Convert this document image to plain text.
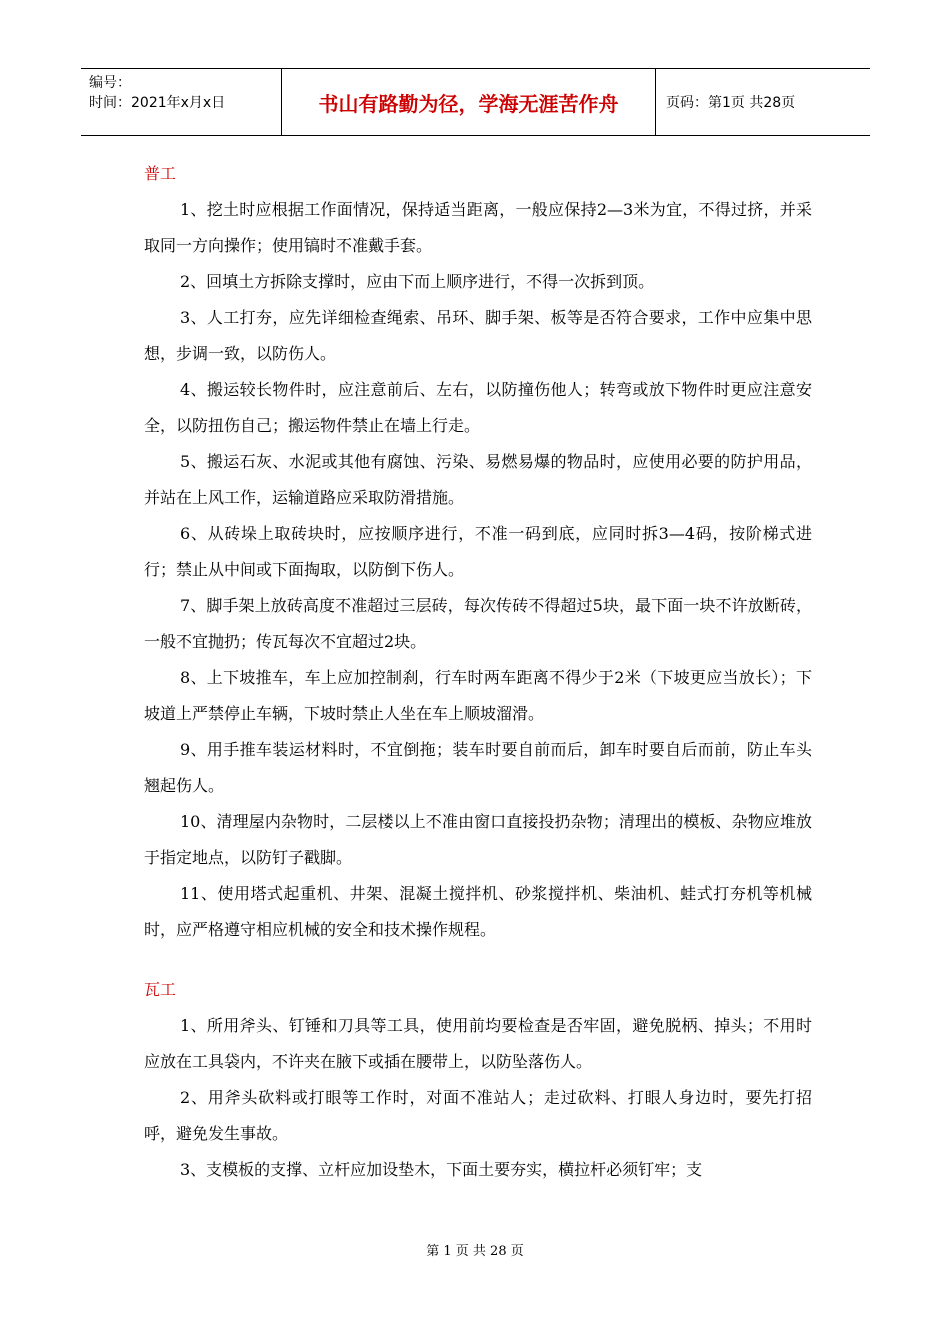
编号：
时间：2021年x月x日	书山有路勤为径，学海无涯苦作舟	页码：第1页 共28页
普工

1、挖土时应根据工作面情况，保持适当距离，一般应保持2—3米为宜，不得过挤，并采取同一方向操作；使用镐时不准戴手套。

2、回填土方拆除支撑时，应由下而上顺序进行，不得一次拆到顶。

3、人工打夯，应先详细检查绳索、吊环、脚手架、板等是否符合要求，工作中应集中思想，步调一致，以防伤人。

4、搬运较长物件时，应注意前后、左右，以防撞伤他人；转弯或放下物件时更应注意安全，以防扭伤自己；搬运物件禁止在墙上行走。

5、搬运石灰、水泥或其他有腐蚀、污染、易燃易爆的物品时，应使用必要的防护用品，并站在上风工作，运输道路应采取防滑措施。

6、从砖垛上取砖块时，应按顺序进行，不准一码到底，应同时拆3—4码，按阶梯式进行；禁止从中间或下面掏取，以防倒下伤人。

7、脚手架上放砖高度不准超过三层砖，每次传砖不得超过5块，最下面一块不许放断砖，一般不宜抛扔；传瓦每次不宜超过2块。

8、上下坡推车，车上应加控制刹，行车时两车距离不得少于2米（下坡更应当放长）；下坡道上严禁停止车辆，下坡时禁止人坐在车上顺坡溜滑。

9、用手推车装运材料时，不宜倒拖；装车时要自前而后，卸车时要自后而前，防止车头翘起伤人。

10、清理屋内杂物时，二层楼以上不准由窗口直接投扔杂物；清理出的模板、杂物应堆放于指定地点，以防钉子戳脚。

11、使用塔式起重机、井架、混凝土搅拌机、砂浆搅拌机、柴油机、蛙式打夯机等机械时，应严格遵守相应机械的安全和技术操作规程。

瓦工

1、所用斧头、钉锤和刀具等工具，使用前均要检查是否牢固，避免脱柄、掉头；不用时应放在工具袋内，不许夹在腋下或插在腰带上，以防坠落伤人。

2、用斧头砍料或打眼等工作时，对面不准站人；走过砍料、打眼人身边时，要先打招呼，避免发生事故。

3、支模板的支撑、立杆应加设垫木，下面土要夯实，横拉杆必须钉牢；支

第 1 页 共 28 页
